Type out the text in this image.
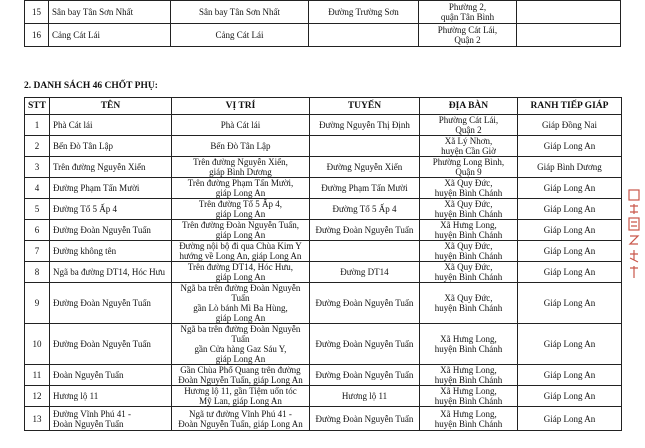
15	Sân bay Tân Sơn Nhất	Sân bay Tân Sơn Nhất	Đường Trường Sơn	Phường 2,
quận Tân Bình	
16	Cảng Cát Lái	Cảng Cát Lái		Phường Cát Lái,
Quận 2	
2. DANH SÁCH 46 CHỐT PHỤ:
STT	TÊN	VỊ TRÍ	TUYẾN	ĐỊA BÀN	RANH TIẾP GIÁP
1	Phà Cát lái	Phà Cát lái	Đường Nguyễn Thị Định	Phường Cát Lái,
Quận 2	Giáp Đồng Nai
2	Bến Đò Tân Lập	Bến Đò Tân Lập		Xã Lý Nhơn,
huyện Cần Giờ	Giáp Long An
3	Trên đường Nguyễn Xiển	Trên đường Nguyễn Xiển,
giáp Bình Dương	Đường Nguyễn Xiển	Phường Long Bình,
Quận 9	Giáp Bình Dương
4	Đường Phạm Tấn Mười	Trên đường Phạm Tấn Mười,
giáp Long An	Đường Phạm Tấn Mười	Xã Quy Đức,
huyện Bình Chánh	Giáp Long An
5	Đường Tổ 5 Ấp 4	Trên đường Tổ 5 Ấp 4,
giáp Long An	Đường Tổ 5 Ấp 4	Xã Quy Đức,
huyện Bình Chánh	Giáp Long An
6	Đường Đoàn Nguyễn Tuấn	Trên đường Đoàn Nguyễn Tuấn,
giáp Long An	Đường Đoàn Nguyễn Tuấn	Xã Hưng Long,
huyện Bình Chánh	Giáp Long An
7	Đường không tên	Đường nội bộ đi qua Chùa Kim Y
hướng về Long An, giáp Long An		Xã Quy Đức,
huyện Bình Chánh	Giáp Long An
8	Ngã ba đường DT14, Hóc Hưu	Trên đường DT14, Hóc Hưu,
giáp Long An	Đường DT14	Xã Quy Đức,
huyện Bình Chánh	Giáp Long An
9	Đường Đoàn Nguyễn Tuấn	Ngã ba trên đường Đoàn Nguyễn Tuấn
gần Lò bánh Mì Ba Hùng,
giáp Long An	Đường Đoàn Nguyễn Tuấn	Xã Quy Đức,
huyện Bình Chánh	Giáp Long An
10	Đường Đoàn Nguyễn Tuấn	Ngã ba trên đường Đoàn Nguyễn Tuấn
gần Cửa hàng Gaz Sáu Y,
giáp Long An	Đường Đoàn Nguyễn Tuấn	Xã Hưng Long,
huyện Bình Chánh	Giáp Long An
11	Đoàn Nguyễn Tuấn	Gần Chùa Phổ Quang trên đường
Đoàn Nguyễn Tuấn, giáp Long An	Đường Đoàn Nguyễn Tuấn	Xã Hưng Long,
huyện Bình Chánh	Giáp Long An
12	Hương lộ 11	Hương lộ 11, gần Tiệm uốn tóc
Mỹ Lan, giáp Long An	Hương lộ 11	Xã Hưng Long,
huyện Bình Chánh	Giáp Long An
13	Đường Vĩnh Phú 41 -
Đoàn Nguyễn Tuấn	Ngã tư đường Vĩnh Phú 41 -
Đoàn Nguyễn Tuấn, giáp Long An	Đường Đoàn Nguyễn Tuấn	Xã Hưng Long,
huyện Bình Chánh	Giáp Long An
